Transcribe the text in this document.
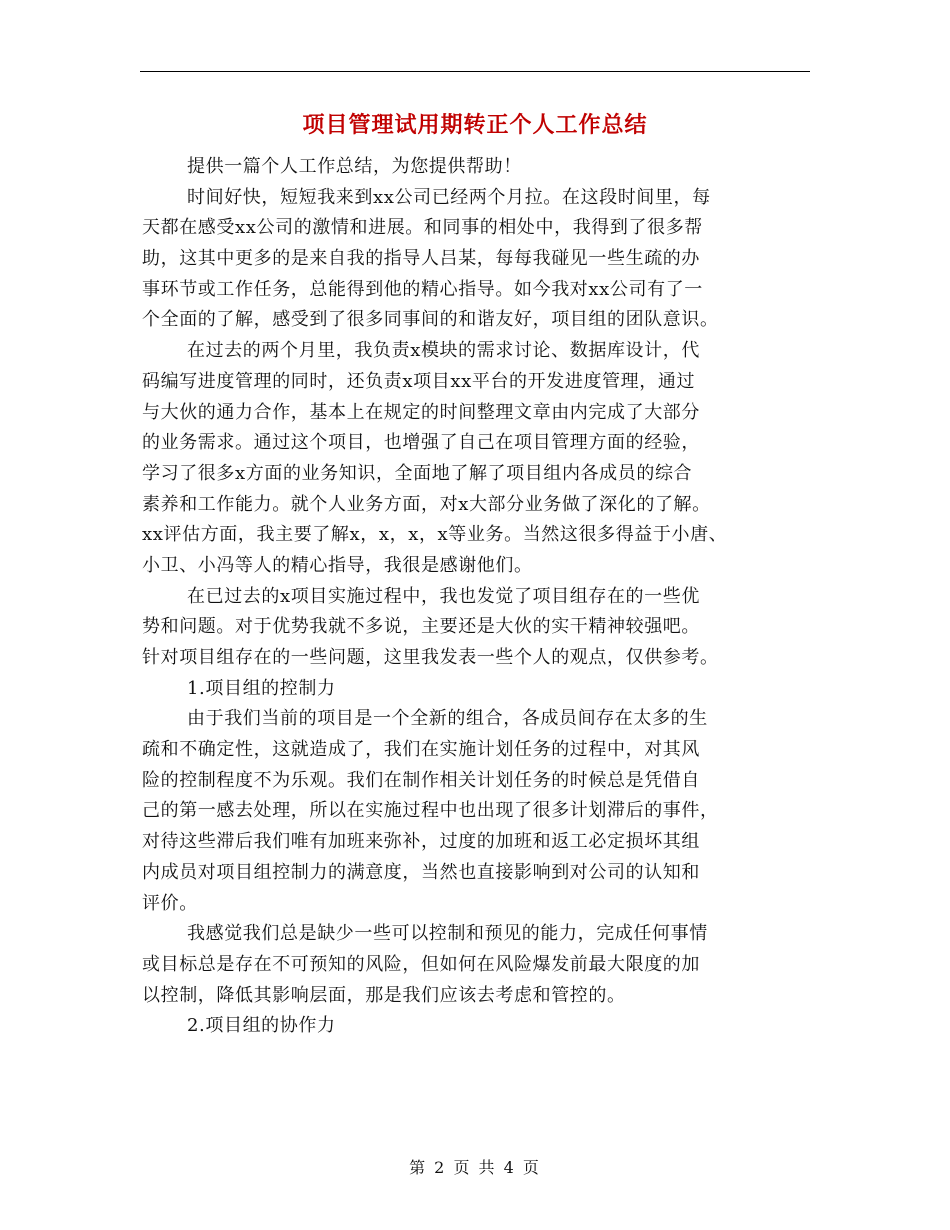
项目管理试用期转正个人工作总结
提供一篇个人工作总结，为您提供帮助！
时间好快，短短我来到xx公司已经两个月拉。在这段时间里，每
天都在感受xx公司的激情和进展。和同事的相处中，我得到了很多帮
助，这其中更多的是来自我的指导人吕某，每每我碰见一些生疏的办
事环节或工作任务，总能得到他的精心指导。如今我对xx公司有了一
个全面的了解，感受到了很多同事间的和谐友好，项目组的团队意识。
在过去的两个月里，我负责x模块的需求讨论、数据库设计，代
码编写进度管理的同时，还负责x项目xx平台的开发进度管理，通过
与大伙的通力合作，基本上在规定的时间整理文章由内完成了大部分
的业务需求。通过这个项目，也增强了自己在项目管理方面的经验，
学习了很多x方面的业务知识，全面地了解了项目组内各成员的综合
素养和工作能力。就个人业务方面，对x大部分业务做了深化的了解。
xx评估方面，我主要了解x，x，x，x等业务。当然这很多得益于小唐、
小卫、小冯等人的精心指导，我很是感谢他们。
在已过去的x项目实施过程中，我也发觉了项目组存在的一些优
势和问题。对于优势我就不多说，主要还是大伙的实干精神较强吧。
针对项目组存在的一些问题，这里我发表一些个人的观点，仅供参考。
1.项目组的控制力
由于我们当前的项目是一个全新的组合，各成员间存在太多的生
疏和不确定性，这就造成了，我们在实施计划任务的过程中，对其风
险的控制程度不为乐观。我们在制作相关计划任务的时候总是凭借自
己的第一感去处理，所以在实施过程中也出现了很多计划滞后的事件，
对待这些滞后我们唯有加班来弥补，过度的加班和返工必定损坏其组
内成员对项目组控制力的满意度，当然也直接影响到对公司的认知和
评价。
我感觉我们总是缺少一些可以控制和预见的能力，完成任何事情
或目标总是存在不可预知的风险，但如何在风险爆发前最大限度的加
以控制，降低其影响层面，那是我们应该去考虑和管控的。
2.项目组的协作力
第 2 页 共 4 页
